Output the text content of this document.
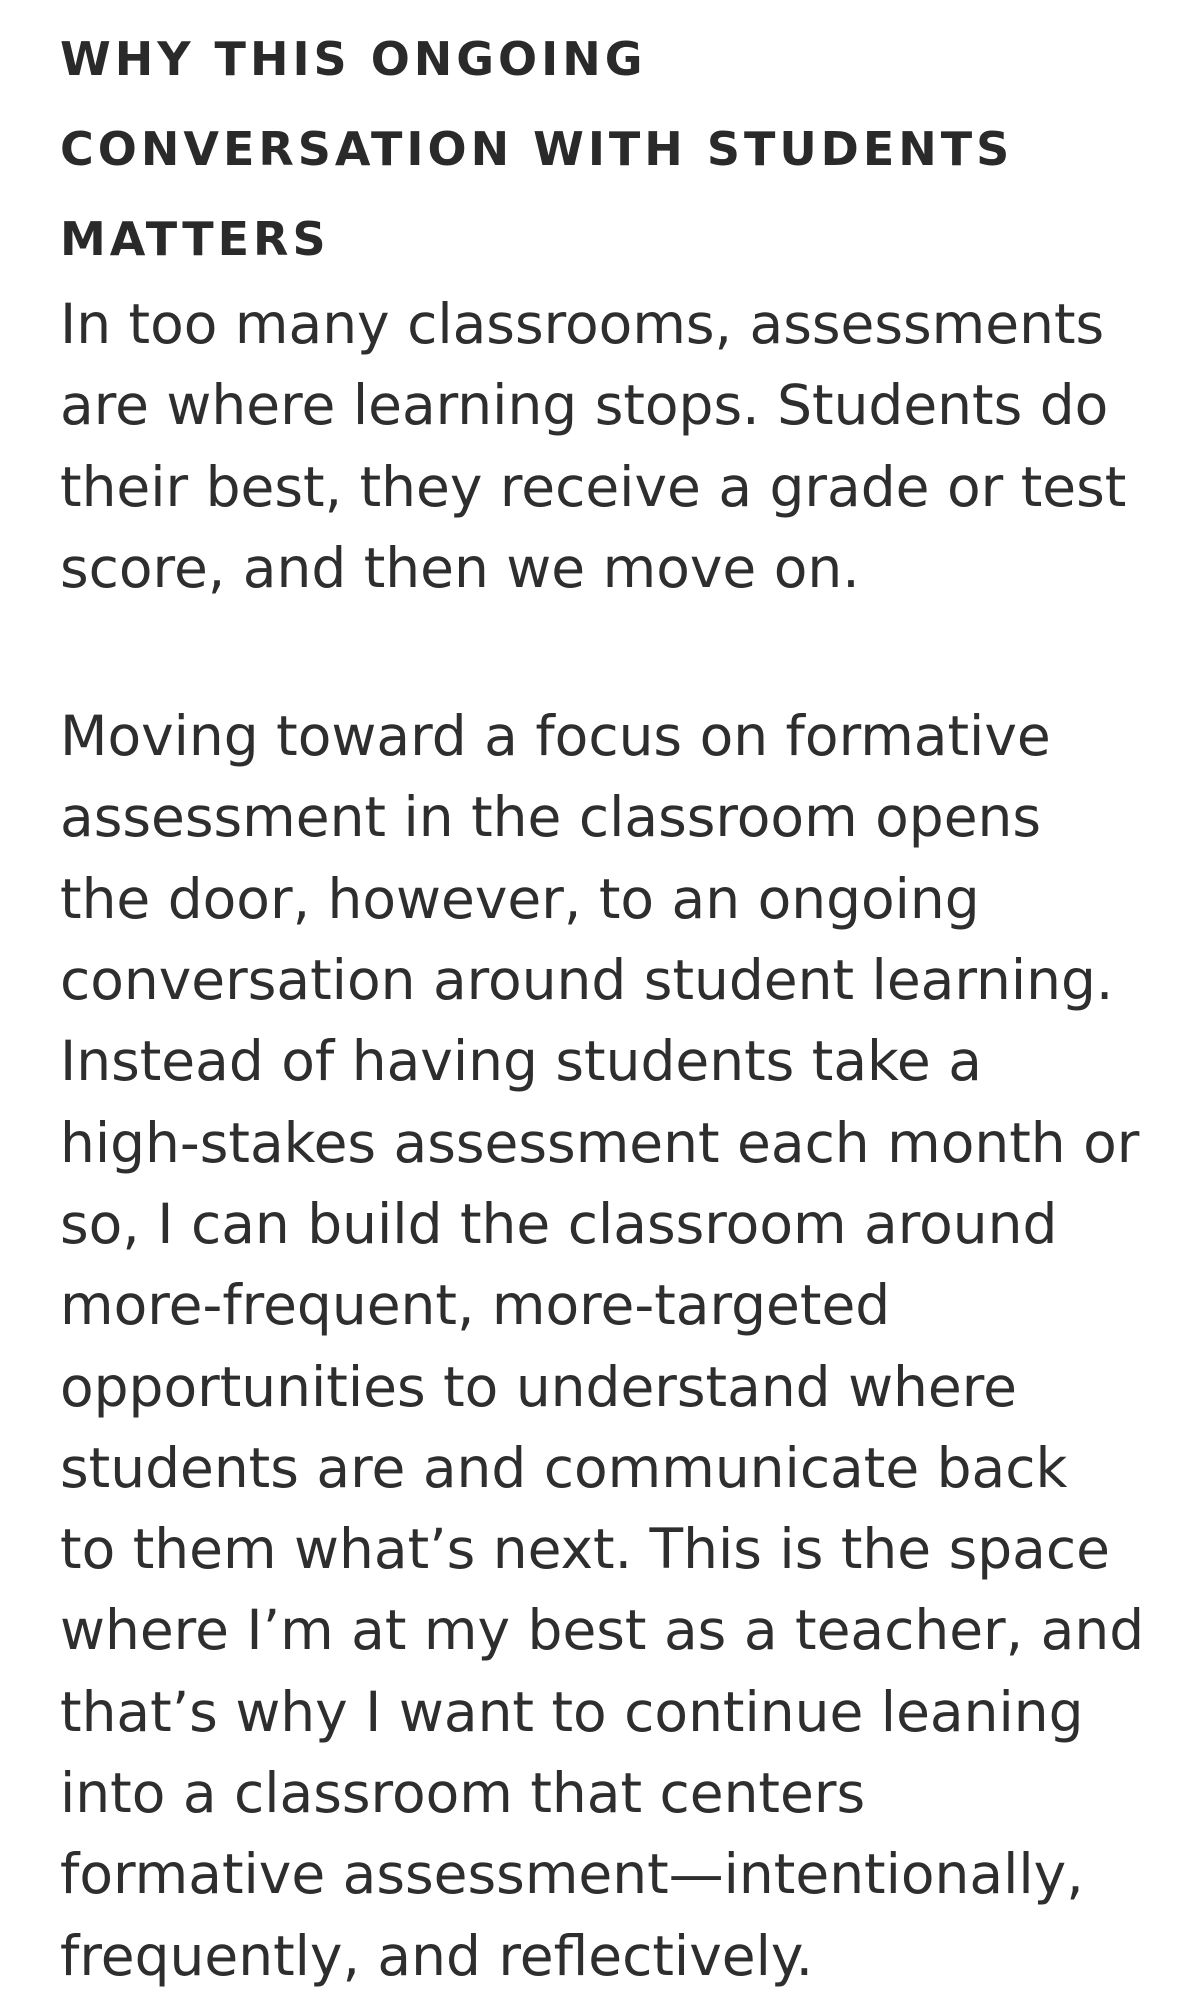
WHY THIS ONGOING
CONVERSATION WITH STUDENTS
MATTERS

In too many classrooms, assessments
are where learning stops. Students do
their best, they receive a grade or test
score, and then we move on.

Moving toward a focus on formative
assessment in the classroom opens
the door, however, to an ongoing
conversation around student learning.
Instead of having students take a
high-stakes assessment each month or
so, I can build the classroom around
more-frequent, more-targeted
opportunities to understand where
students are and communicate back
to them what’s next. This is the space
where I’m at my best as a teacher, and
that’s why I want to continue leaning
into a classroom that centers
formative assessment—intentionally,
frequently, and reflectively.
